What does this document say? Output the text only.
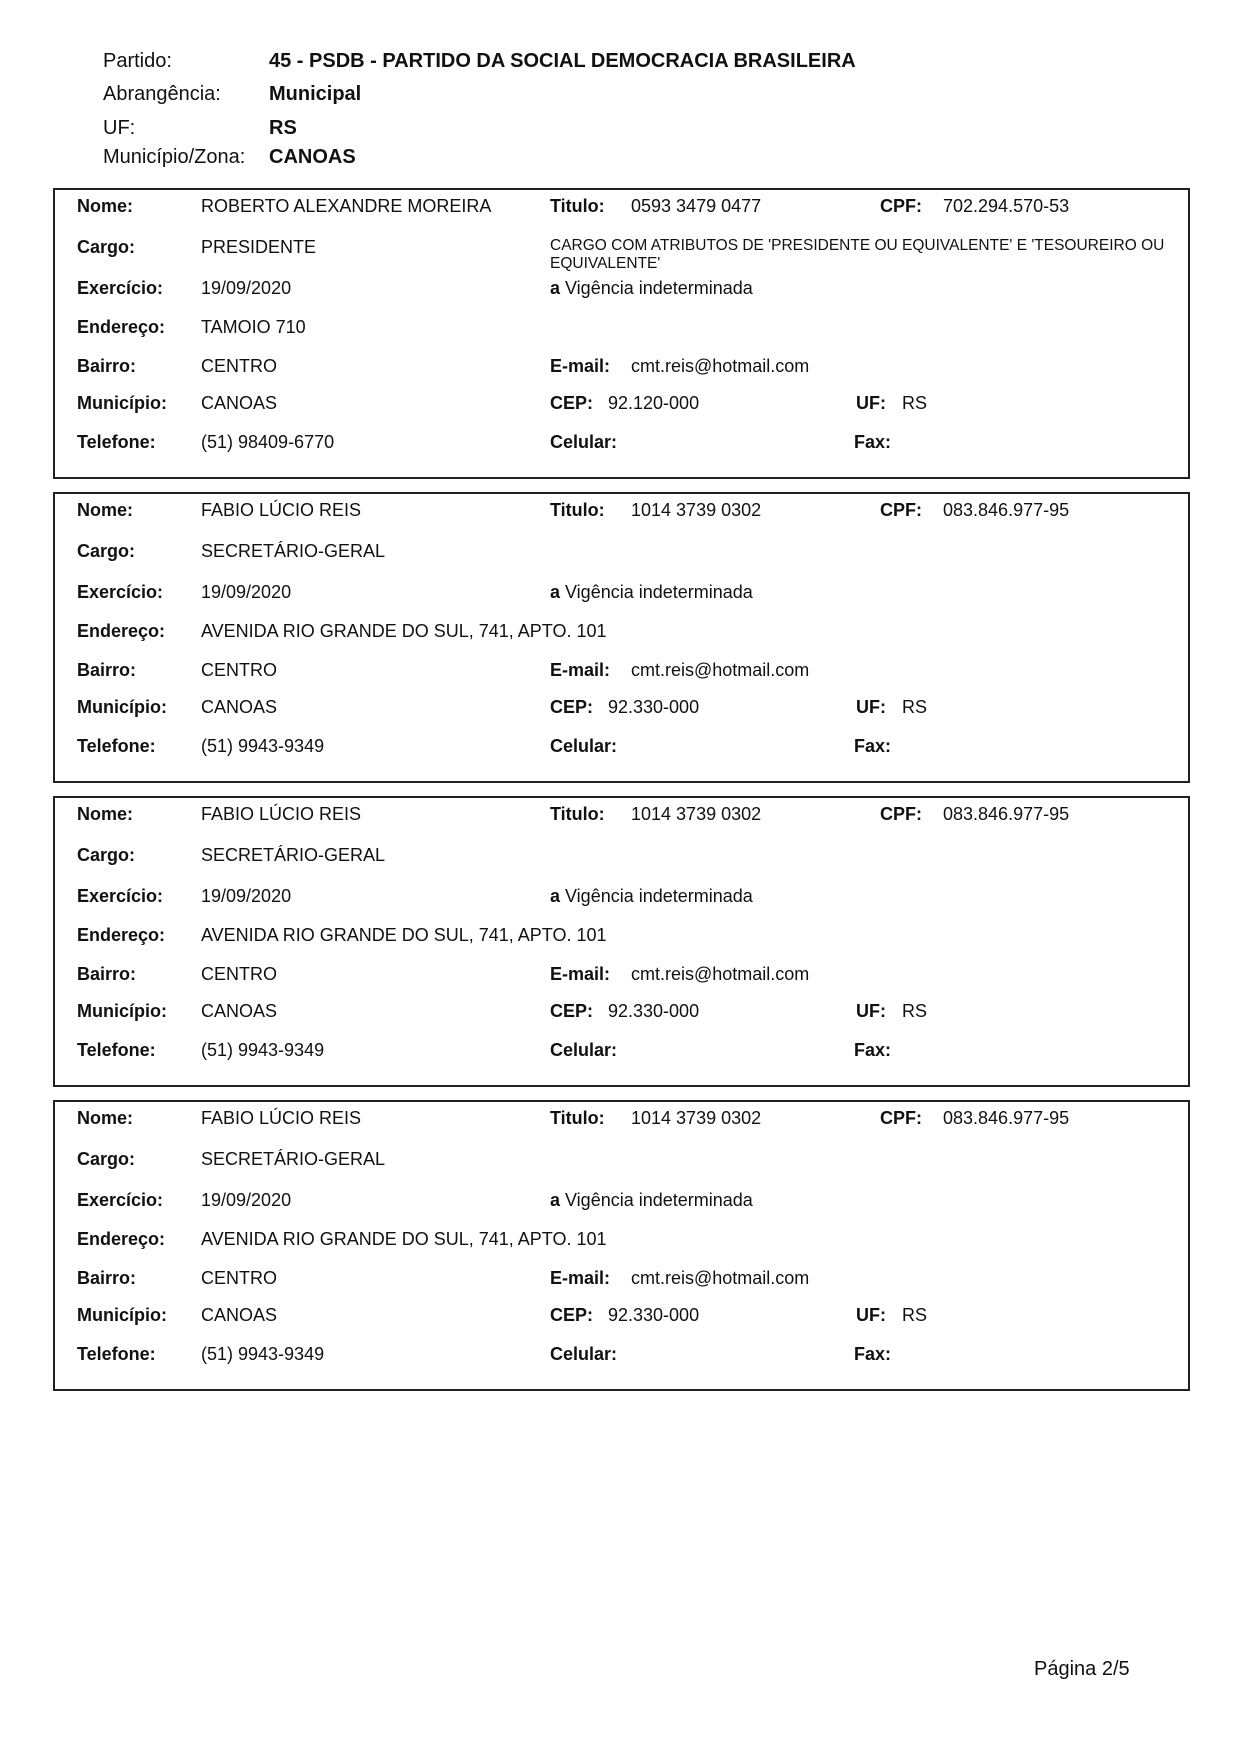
Partido:	45 - PSDB - PARTIDO DA SOCIAL DEMOCRACIA BRASILEIRA
Abrangência: Municipal
UF:	RS
Município/Zona: CANOAS
Nome:	ROBERTO ALEXANDRE MOREIRA	Titulo: 0593 3479 0477	CPF: 702.294.570-53
Cargo:	PRESIDENTE	CARGO COM ATRIBUTOS DE 'PRESIDENTE OU EQUIVALENTE' E 'TESOUREIRO OU EQUIVALENTE'
Exercício: 19/09/2020	a Vigência indeterminada
Endereço: TAMOIO 710
Bairro:	CENTRO	E-mail: cmt.reis@hotmail.com
Município: CANOAS	CEP: 92.120-000	UF: RS
Telefone:	(51) 98409-6770	Celular:	Fax:
Nome:	FABIO LÚCIO REIS	Titulo: 1014 3739 0302	CPF: 083.846.977-95
Cargo:	SECRETÁRIO-GERAL
Exercício: 19/09/2020	a Vigência indeterminada
Endereço: AVENIDA RIO GRANDE DO SUL, 741, APTO. 101
Bairro:	CENTRO	E-mail: cmt.reis@hotmail.com
Município: CANOAS	CEP: 92.330-000	UF: RS
Telefone:	(51) 9943-9349	Celular:	Fax:
Nome:	FABIO LÚCIO REIS	Titulo: 1014 3739 0302	CPF: 083.846.977-95
Cargo:	SECRETÁRIO-GERAL
Exercício: 19/09/2020	a Vigência indeterminada
Endereço: AVENIDA RIO GRANDE DO SUL, 741, APTO. 101
Bairro:	CENTRO	E-mail: cmt.reis@hotmail.com
Município: CANOAS	CEP: 92.330-000	UF: RS
Telefone:	(51) 9943-9349	Celular:	Fax:
Nome:	FABIO LÚCIO REIS	Titulo: 1014 3739 0302	CPF: 083.846.977-95
Cargo:	SECRETÁRIO-GERAL
Exercício: 19/09/2020	a Vigência indeterminada
Endereço: AVENIDA RIO GRANDE DO SUL, 741, APTO. 101
Bairro:	CENTRO	E-mail: cmt.reis@hotmail.com
Município: CANOAS	CEP: 92.330-000	UF: RS
Telefone:	(51) 9943-9349	Celular:	Fax:
Página 2/5
